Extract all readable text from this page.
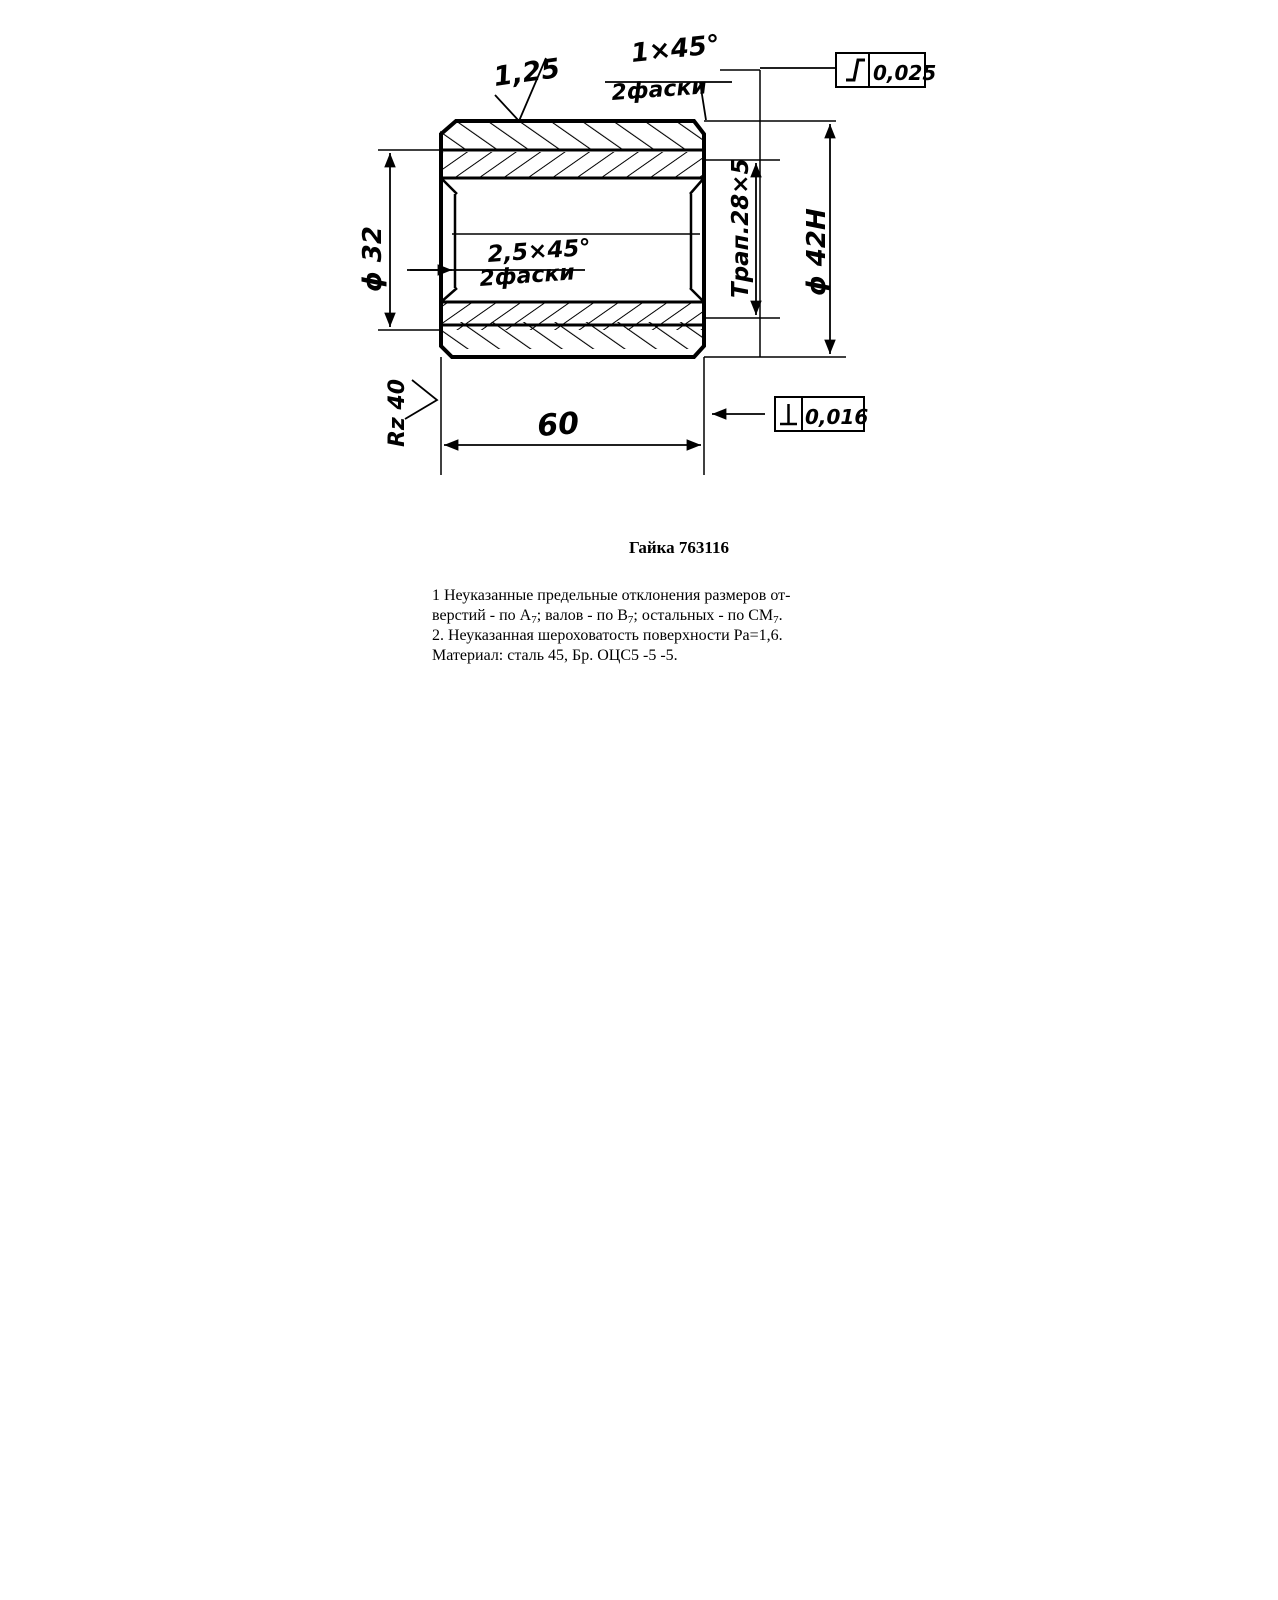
0,025
0,016
1,25
1×45°
2фаски
2,5×45°
2фаски
ϕ 32	Трап.28×5 ϕ 42H
Rz 40	60
Гайка 763116

1 Неуказанные предельные отклонения размеров от-

верстий - по $А_7$; валов - по $В_7$; остальных - по $СМ_7$.

2. Неуказанная шероховатость поверхности Ра=1,6.

Материал: сталь 45, Бр. ОЦС5 -5 -5.
